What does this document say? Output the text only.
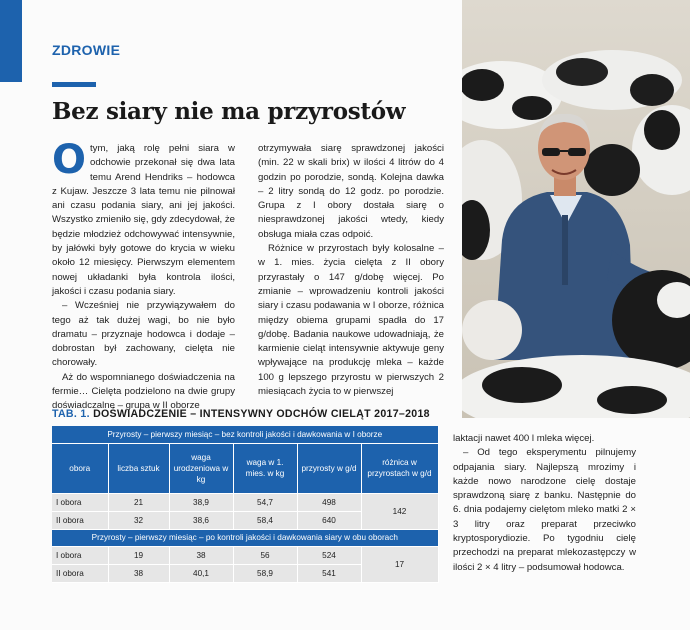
ZDROWIE
Bez siary nie ma przyrostów

Otym, jaką rolę pełni siara w odchowie przekonał się dwa lata temu Arend Hendriks – hodowca z Kujaw. Jeszcze 3 lata temu nie pilnował ani czasu podania siary, ani jej jakości. Wszystko zmieniło się, gdy zdecydował, że będzie młodzież odchowywać intensywnie, by jałówki były gotowe do krycia w wieku około 12 miesięcy. Pierwszym elementem nowej układanki była kontrola ilości, jakości i czasu podania siary.

– Wcześniej nie przywiązywałem do tego aż tak dużej wagi, bo nie było dramatu – przyznaje hodowca i dodaje – dobrostan był zachowany, cielęta nie chorowały.

Aż do wspomnianego doświadczenia na fermie… Cielęta podzielono na dwie grupy doświadczalne – grupa w II oborze

otrzymywała siarę sprawdzonej jakości (min. 22 w skali brix) w ilości 4 litrów do 4 godzin po porodzie, sondą. Kolejna dawka – 2 litry sondą do 12 godz. po porodzie. Grupa z I obory dostała siarę o niesprawdzonej jakości wtedy, kiedy obsługa miała czas odpoić.

Różnice w przyrostach były kolosalne – w 1. mies. życia cielęta z II obory przyrastały o 147 g/dobę więcej. Po zmianie – wprowadzeniu kontroli jakości siary i czasu podawania w I oborze, różnica między obiema grupami spadła do 17 g/dobę. Badania naukowe udowadniają, że karmienie cieląt intensywnie aktywuje geny wpływające na produkcję mleka – każde 100 g lepszego przyrostu w pierwszych 2 miesiącach życia to w pierwszej

TAB. 1. DOŚWIADCZENIE – INTENSYWNY ODCHÓW CIELĄT 2017–2018
Przyrosty – pierwszy miesiąc – bez kontroli jakości i dawkowania w I oborze					
obora	liczba sztuk	waga urodzeniowa w kg	waga w 1. mies. w kg	przyrosty w g/d	różnica w przyrostach w g/d
I obora	21	38,9	54,7	498	142
II obora	32	38,6	58,4	640	
Przyrosty – pierwszy miesiąc – po kontroli jakości i dawkowania siary w obu oborach					
I obora	19	38	56	524	17
II obora	38	40,1	58,9	541	

laktacji nawet 400 l mleka więcej.

– Od tego eksperymentu pilnujemy odpajania siary. Najlepszą mrozimy i każde nowo narodzone cielę dostaje sprawdzoną siarę z banku. Następnie do 6. dnia podajemy cielętom mleko matki 2 × 3 litry oraz preparat przeciwko kryptosporydiozie. Po tygodniu cielę przechodzi na preparat mlekozastępczy w ilości 2 × 4 litry – podsumował hodowca.
